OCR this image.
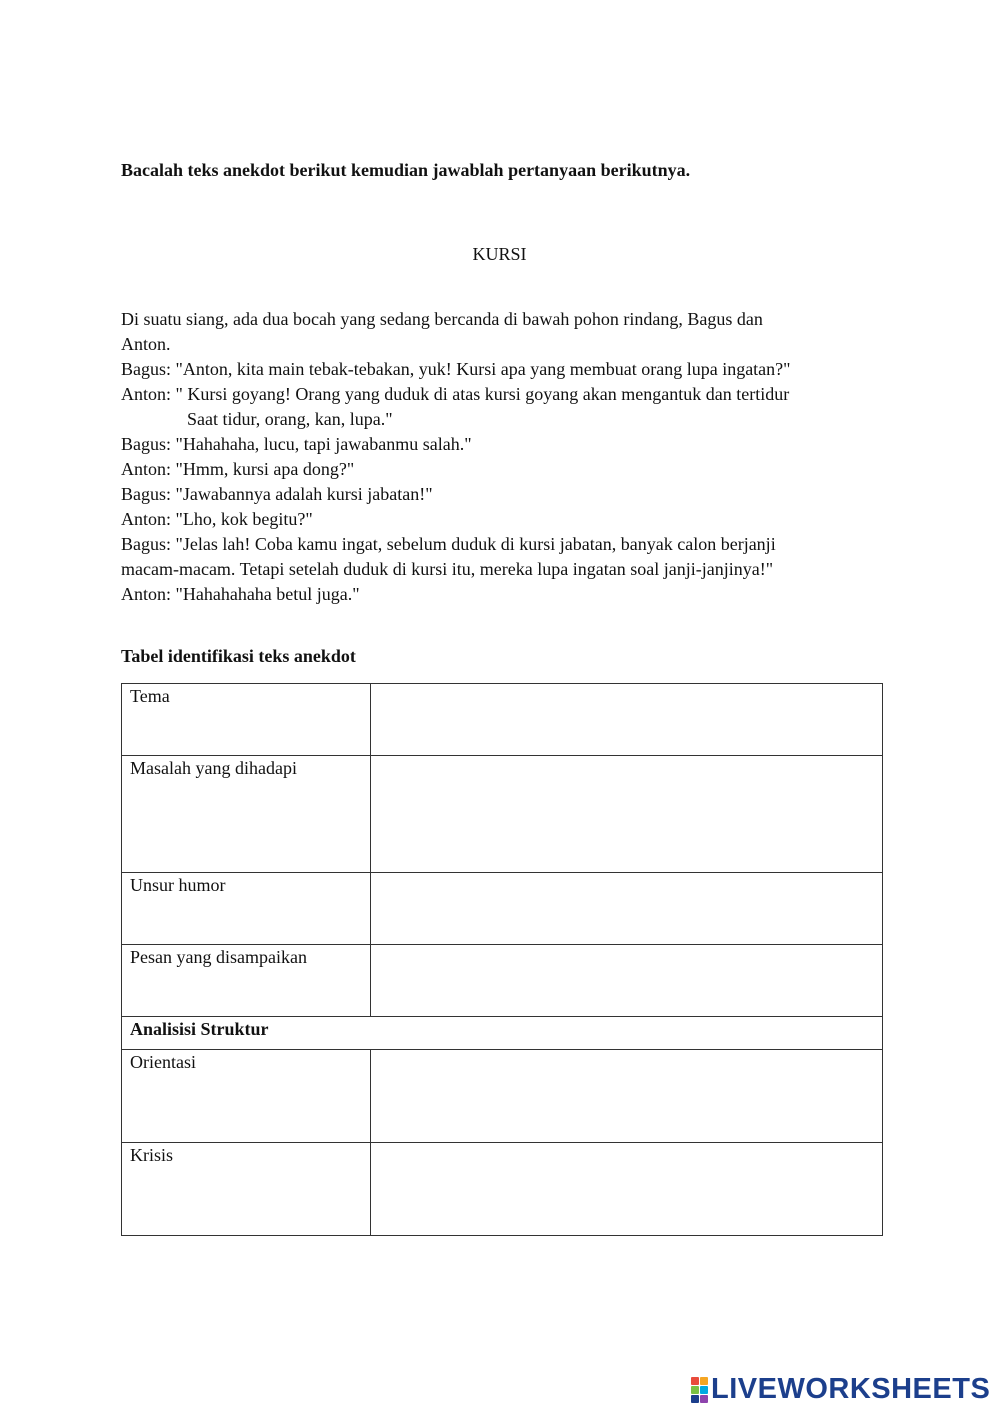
Bacalah teks anekdot berikut kemudian jawablah pertanyaan berikutnya.
KURSI
Di suatu siang, ada dua bocah yang sedang bercanda di bawah pohon rindang, Bagus dan
Anton.
Bagus: "Anton, kita main tebak-tebakan, yuk! Kursi apa yang membuat orang lupa ingatan?"
Anton: " Kursi goyang! Orang yang duduk di atas kursi goyang akan mengantuk dan tertidur
Saat tidur, orang, kan, lupa."
Bagus: "Hahahaha, lucu, tapi jawabanmu salah."
Anton: "Hmm, kursi apa dong?"
Bagus: "Jawabannya adalah kursi jabatan!"
Anton: "Lho, kok begitu?"
Bagus: "Jelas lah! Coba kamu ingat, sebelum duduk di kursi jabatan, banyak calon berjanji
macam-macam. Tetapi setelah duduk di kursi itu, mereka lupa ingatan soal janji-janjinya!"
Anton: "Hahahahaha betul juga."
Tabel identifikasi teks anekdot
Tema	
Masalah yang dihadapi	
Unsur humor	
Pesan yang disampaikan	
Analisisi Struktur	
Orientasi	
Krisis	
LIVEWORKSHEETS
